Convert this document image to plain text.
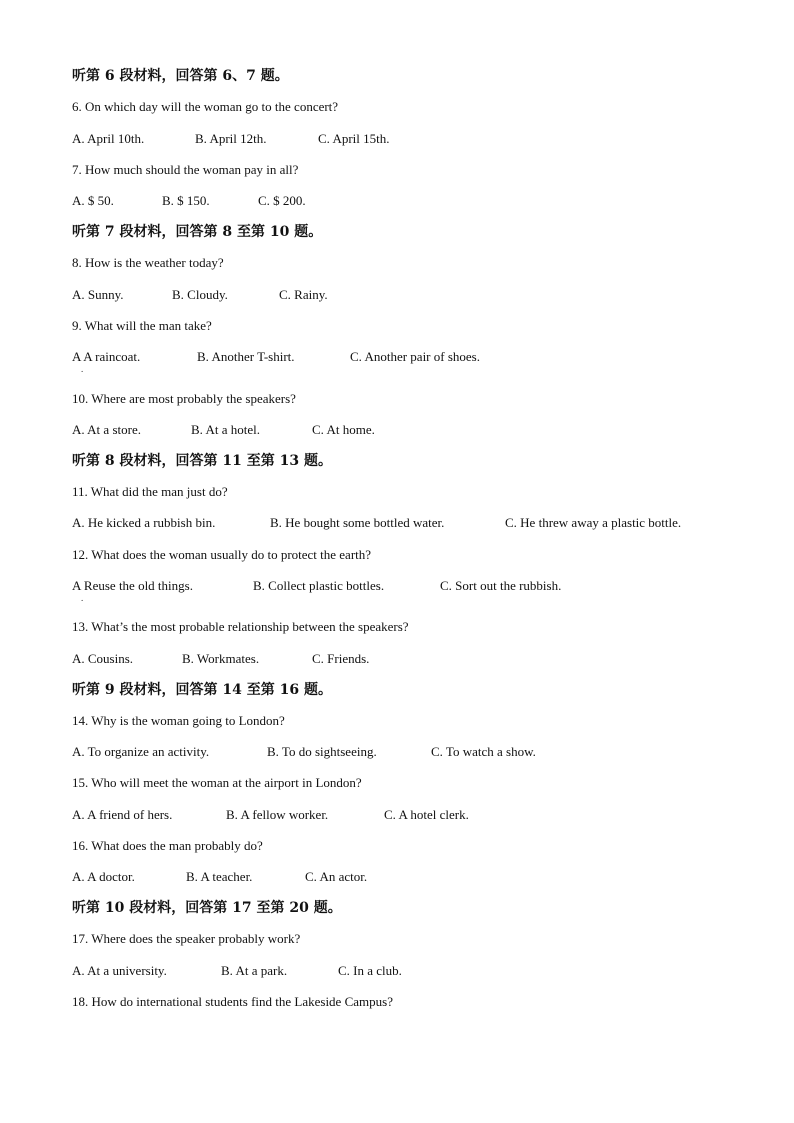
听第 6 段材料，回答第 6、7 题。
6. On which day will the woman go to the concert?
A. April 10th.	B. April 12th.	C. April 15th.
7. How much should the woman pay in all?
A. $ 50.	B. $ 150.	C. $ 200.
听第 7 段材料，回答第 8 至第 10 题。
8. How is the weather today?
A. Sunny.	B. Cloudy.	C. Rainy.
9. What will the man take?
A A raincoat.	B. Another T-shirt.	C. Another pair of shoes.
.
10. Where are most probably the speakers?
A. At a store.	B. At a hotel.	C. At home.
听第 8 段材料，回答第 11 至第 13 题。
11. What did the man just do?
A. He kicked a rubbish bin.	B. He bought some bottled water.	C. He threw away a plastic bottle.
12. What does the woman usually do to protect the earth?
A Reuse the old things.	B. Collect plastic bottles.	C. Sort out the rubbish.
.
13. What’s the most probable relationship between the speakers?
A. Cousins.	B. Workmates.	C. Friends.
听第 9 段材料，回答第 14 至第 16 题。
14. Why is the woman going to London?
A. To organize an activity.	B. To do sightseeing.	C. To watch a show.
15. Who will meet the woman at the airport in London?
A. A friend of hers.	B. A fellow worker.	C. A hotel clerk.
16. What does the man probably do?
A. A doctor.	B. A teacher.	C. An actor.
听第 10 段材料，回答第 17 至第 20 题。
17. Where does the speaker probably work?
A. At a university.	B. At a park.	C. In a club.
18. How do international students find the Lakeside Campus?
